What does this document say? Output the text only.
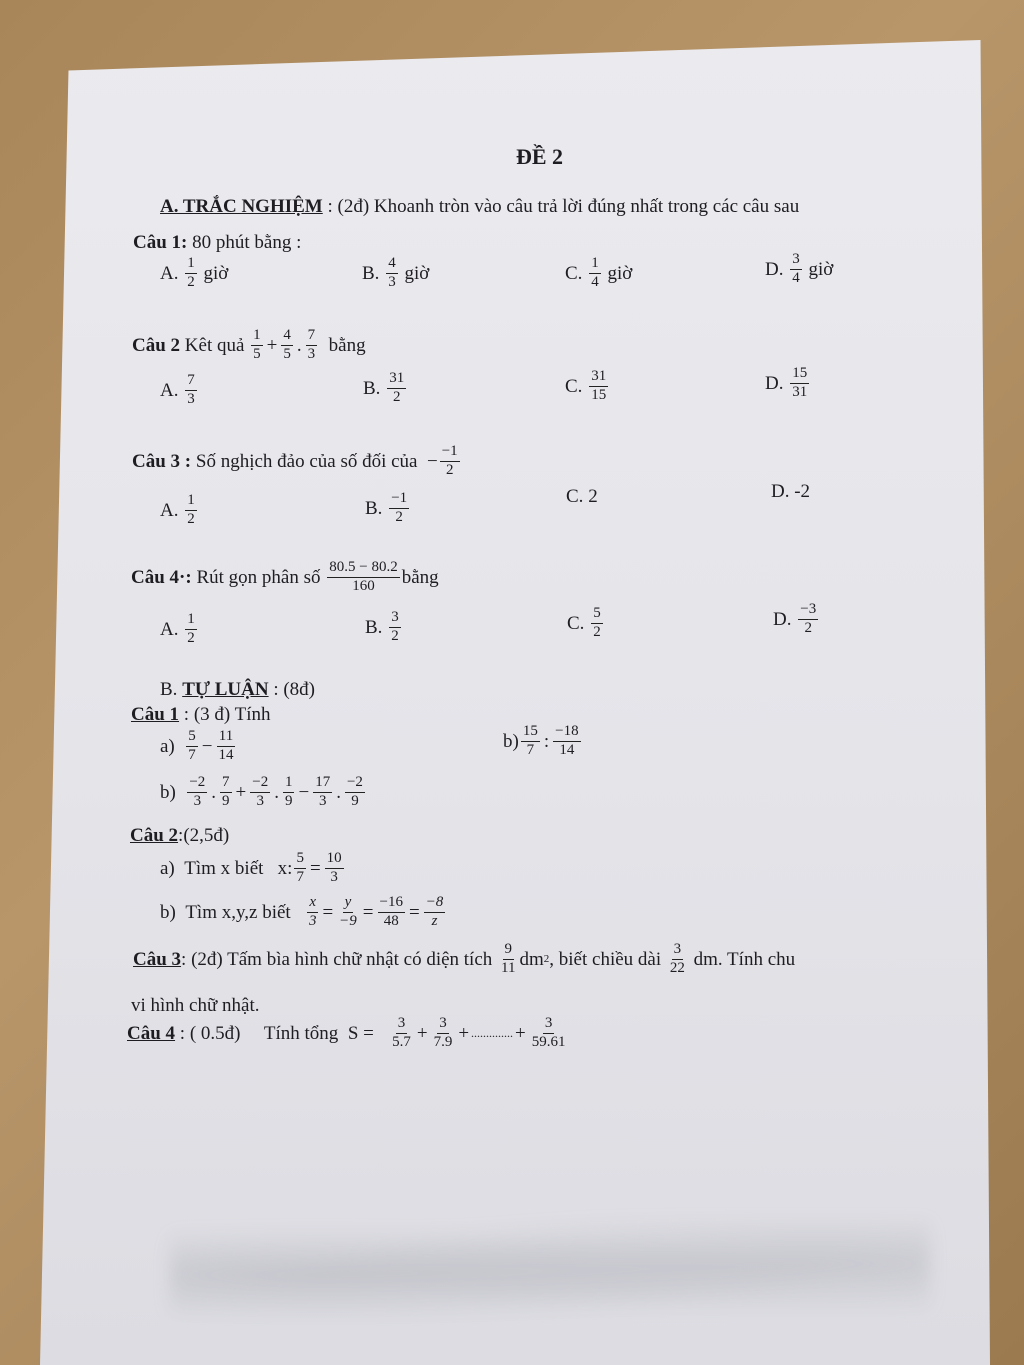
ĐỀ 2
A. TRẮC NGHIỆM : (2đ) Khoanh tròn vào câu trả lời đúng nhất trong các câu sau
Câu 1: 80 phút bằng :
A.
$\frac{1}{2}$
giờ	B.
$\frac{4}{3}$
giờ	C.
$\frac{1}{4}$
giờ	D.
$\frac{3}{4}$
giờ
Câu 2
Kêt quả
$\frac{1}{5} + \frac{4}{5}$ . $\frac{7}{3}$
bằng
A.
$\frac{7}{3}$	B.
$\frac{31}{2}$	C.
$\frac{31}{15}$	D.
$\frac{15}{31}$
Câu 3 :
Số nghịch đảo của số đối của
− $\frac{-1}{2}$
A.
$\frac{1}{2}$	B.
$\frac{-1}{2}$	C. 2	D. -2
Câu 4·:
Rút gọn phân số
$\frac{80.5 - 80.2}{160}$ bằng
A.
$\frac{1}{2}$	B.
$\frac{3}{2}$	C.
$\frac{5}{2}$	D.
$\frac{-3}{2}$
B. TỰ LUẬN : (8đ)
Câu 1 : (3 đ) Tính
a)
$\frac{5}{7} - \frac{11}{14}$	$b) \frac{15}{7}$ : $\frac{-18}{14}$
b)
$\frac{-2}{3}$ . $\frac{7}{9} + \frac{-2}{3}$ . $\frac{1}{9} - \frac{17}{3}$ . $\frac{-2}{9}$
Câu 2:(2,5đ)
a)
Tìm x biết
x: $\frac{5}{7} = \frac{10}{3}$
b)
Tìm x,y,z biết
$\frac{x}{3} = \frac{y}{-9} = \frac{-16}{48} = \frac{-8}{z}$
Câu 3 : (2đ) Tấm bìa hình chữ nhật có diện tích
$\frac{9}{11}$ dm 2 , biết chiều dài
$\frac{3}{22}$
dm. Tính chu
vi hình chữ nhật.
Câu 4 : ( 0.5đ)     Tính tổng
S =
$\frac{3}{5.7} + \frac{3}{7.9}$ + .............. + $\frac{3}{59.61}$
